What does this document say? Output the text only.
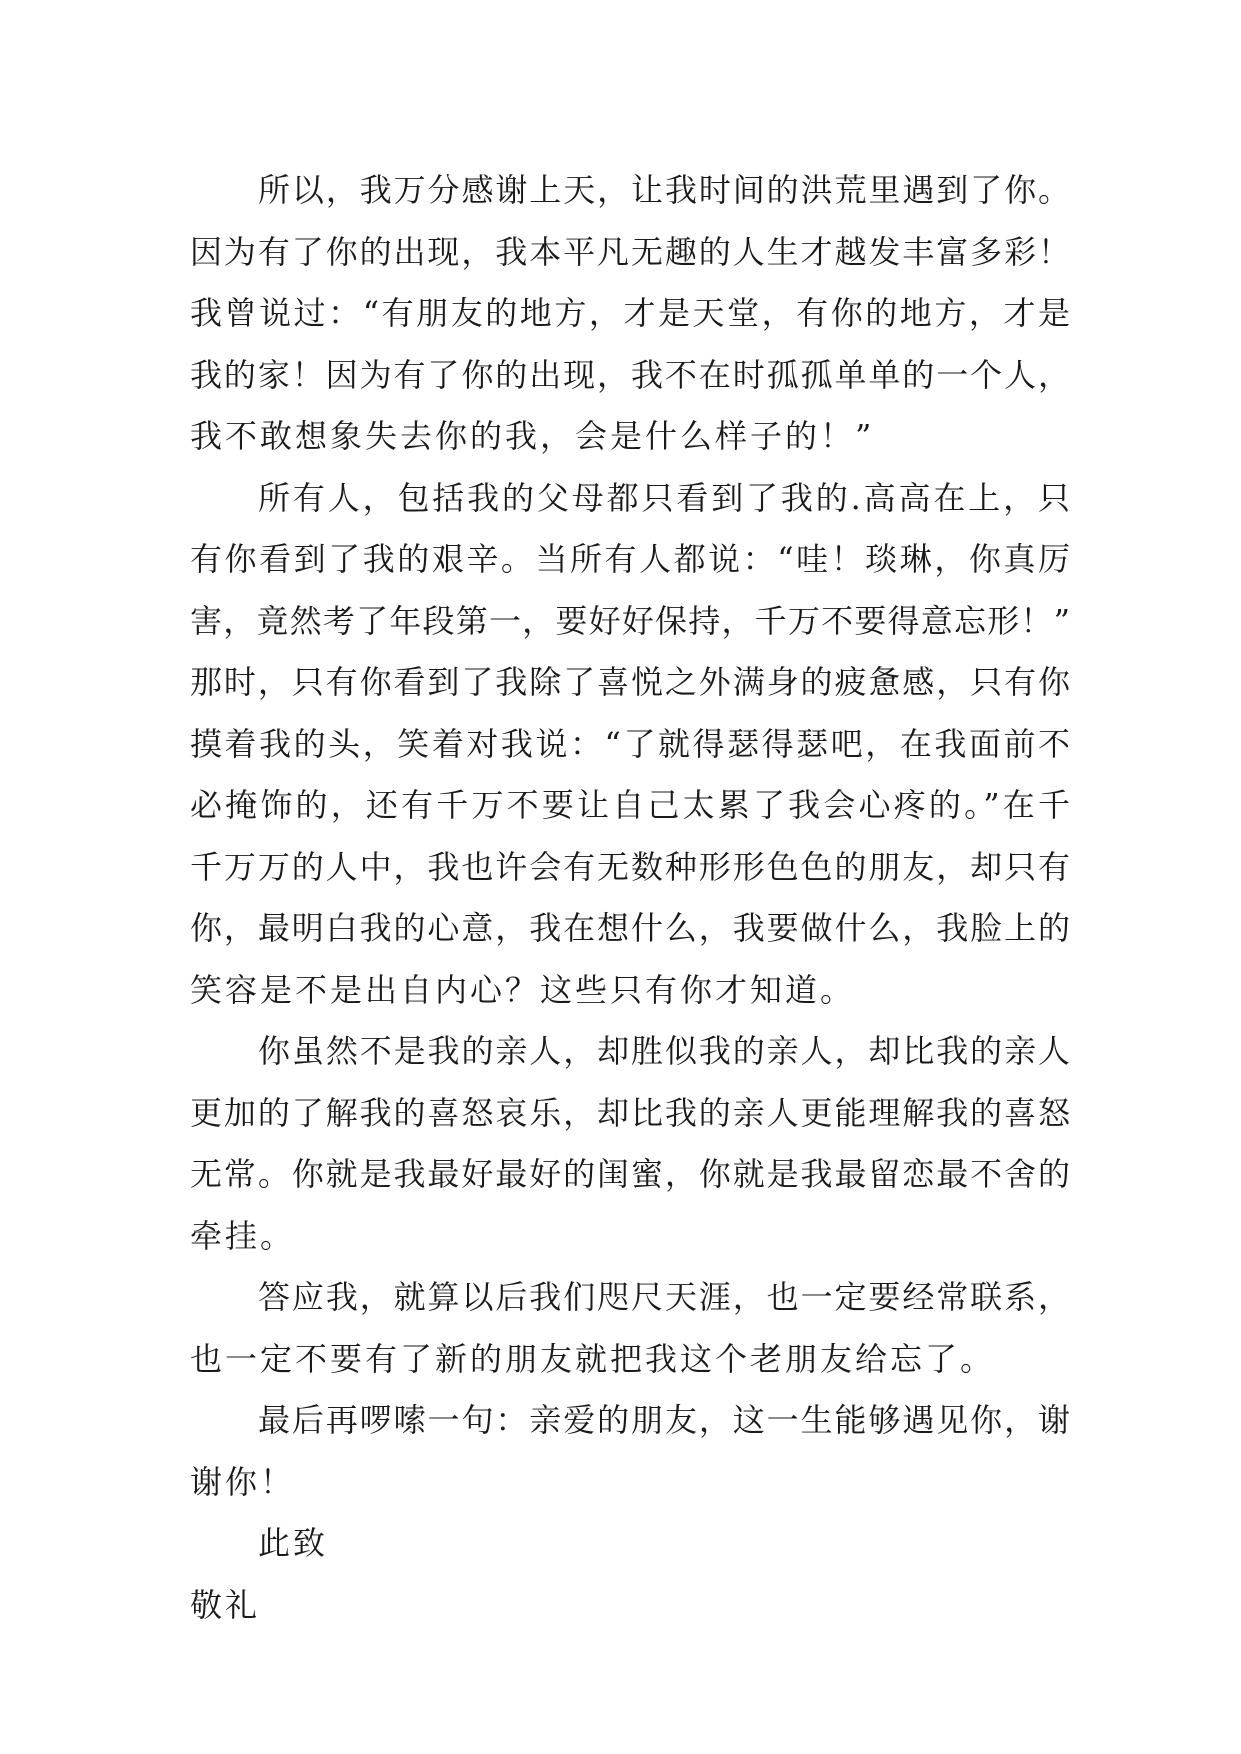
所以，我万分感谢上天，让我时间的洪荒里遇到了你。
因为有了你的出现，我本平凡无趣的人生才越发丰富多彩！
我曾说过：“有朋友的地方，才是天堂，有你的地方，才是
我的家！因为有了你的出现，我不在时孤孤单单的一个人，
我不敢想象失去你的我，会是什么样子的！”
所有人，包括我的父母都只看到了我的.高高在上，只
有你看到了我的艰辛。当所有人都说：“哇！琰琳，你真厉
害，竟然考了年段第一，要好好保持，千万不要得意忘形！”
那时，只有你看到了我除了喜悦之外满身的疲惫感，只有你
摸着我的头，笑着对我说：“了就得瑟得瑟吧，在我面前不
必掩饰的，还有千万不要让自己太累了我会心疼的。”在千
千万万的人中，我也许会有无数种形形色色的朋友，却只有
你，最明白我的心意，我在想什么，我要做什么，我脸上的
笑容是不是出自内心？这些只有你才知道。
你虽然不是我的亲人，却胜似我的亲人，却比我的亲人
更加的了解我的喜怒哀乐，却比我的亲人更能理解我的喜怒
无常。你就是我最好最好的闺蜜，你就是我最留恋最不舍的
牵挂。
答应我，就算以后我们咫尺天涯，也一定要经常联系，
也一定不要有了新的朋友就把我这个老朋友给忘了。
最后再啰嗦一句：亲爱的朋友，这一生能够遇见你，谢
谢你！
此致
敬礼
